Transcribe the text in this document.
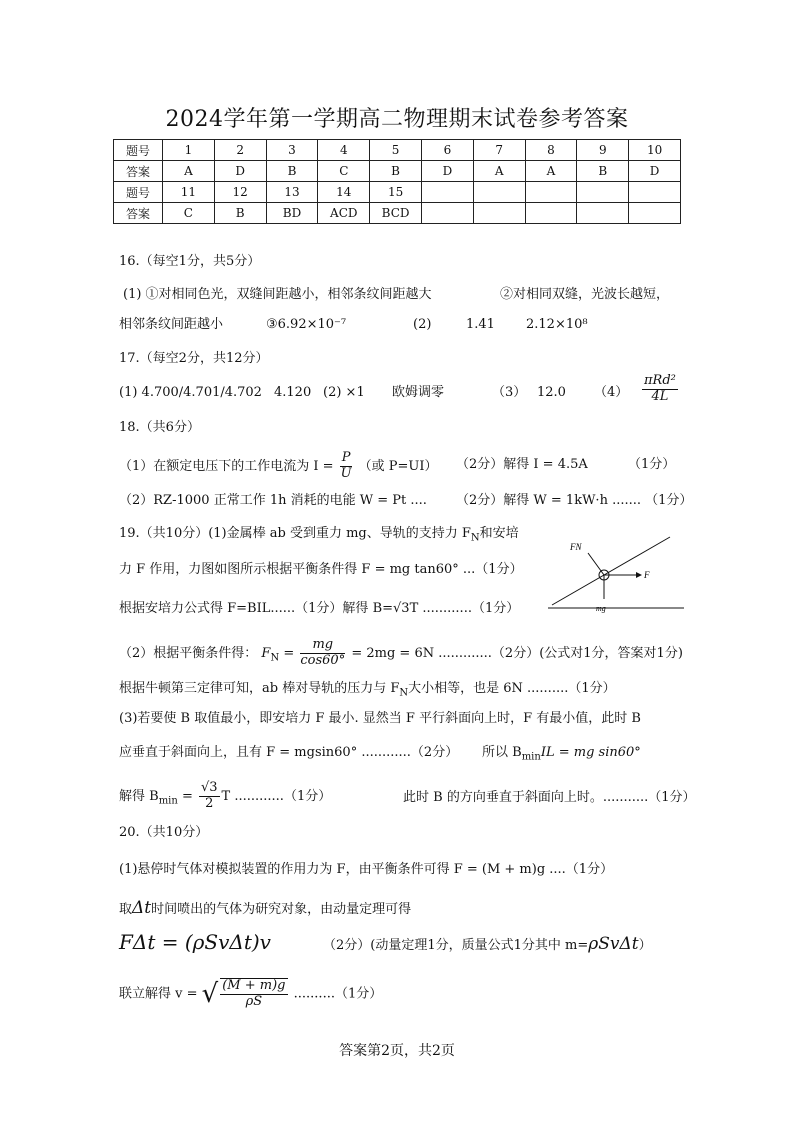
2024学年第一学期高二物理期末试卷参考答案
题号	1	2	3	4	5	6	7	8	9	10
答案	A	D	B	C	B	D	A	A	B	D
题号	11	12	13	14	15					
答案	C	B	BD	ACD	BCD					
16.（每空1分，共5分）
(1) ①对相同色光，双缝间距越小，相邻条纹间距越大	②对相同双缝，光波长越短，
相邻条纹间距越小	③6.92×10⁻⁷	(2)	1.41 2.12×10⁸
17.（每空2分，共12分）
(1) 4.700/4.701/4.702 4.120 (2) ×1 欧姆调零	（3） 12.0 $(4) \frac{\text{πRd²}}{4L}$
18.（共6分）
（1）在额定电压下的工作电流为 $I = \frac{P}{U}$ （或 P=UI） （2分）解得 I = 4.5A	（1分）
（2）RZ-1000 正常工作 1h 消耗的电能 W = Pt .... （2分）解得 W = 1kW·h ....... （1分）
19.（共10分）(1)金属棒 ab 受到重力 mg、导轨的支持力 $F_N$和安培
力 F 作用，力图如图所示根据平衡条件得 F = mg tan60° ...（1分）
FN
F
mg
根据安培力公式得 F=BIL......（1分）解得 B=√3T ............（1分）
（2）根据平衡条件得： $F_N = \frac{mg}{\cos 60^\circ} = 2mg = 6N$ .............（2分）(公式对1分，答案对1分)
根据牛顿第三定律可知，ab 棒对导轨的压力与 $F_N$大小相等，也是 6N ..........（1分）
(3)若要使 B 取值最小，即安培力 F 最小. 显然当 F 平行斜面向上时，F 有最小值，此时 B
应垂直于斜面向上，且有 F = mgsin60° ............（2分） 所以 $B_{min}IL$ = mg sin60°
解得 $B_{min} = \frac{√3}{2}$ T ............（1分）	此时 B 的方向垂直于斜面向上时。...........（1分）
20.（共10分）
(1)悬停时气体对模拟装置的作用力为 F，由平衡条件可得 F = (M + m)g ....（1分）
取Δt时间喷出的气体为研究对象，由动量定理可得
FΔt = (ρSvΔt)v	（2分）(动量定理1分，质量公式1分其中 m=ρSvΔt）
联立解得 v = √ $\frac{(M + m)g}{\rho S} ..........(1$分）
答案第2页，共2页
